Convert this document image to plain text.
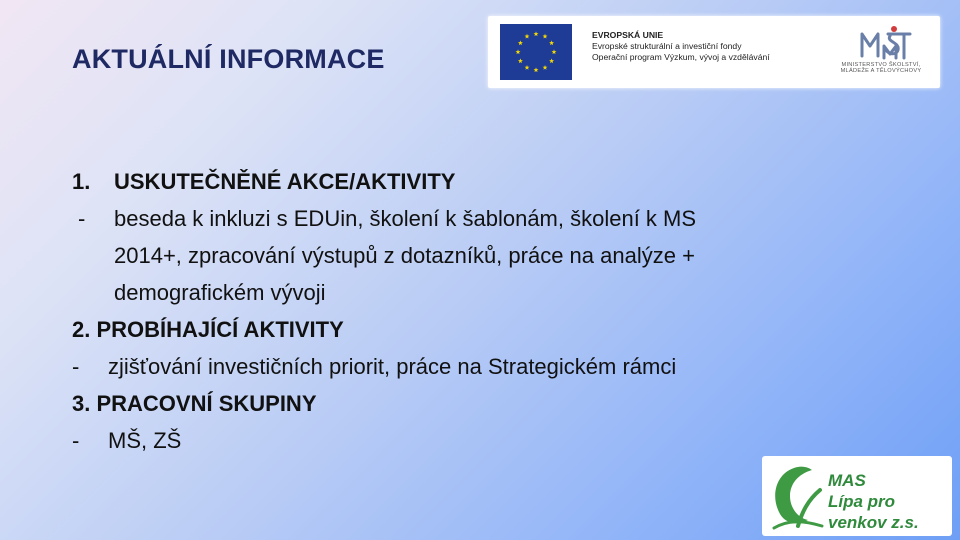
AKTUÁLNÍ INFORMACE
EVROPSKÁ UNIE
Evropské strukturální a investiční fondy
Operační program Výzkum, vývoj a vzdělávání
MINISTERSTVO ŠKOLSTVÍ,
MLÁDEŽE A TĚLOVÝCHOVY
1. USKUTEČNĚNÉ AKCE/AKTIVITY
- beseda k inkluzi s EDUin, školení k šablonám, školení k MS
2014+, zpracování výstupů z dotazníků, práce na analýze +
demografickém vývoji
2. PROBÍHAJÍCÍ AKTIVITY
- zjišťování investičních priorit, práce na Strategickém rámci
3. PRACOVNÍ SKUPINY
- MŠ, ZŠ
MAS
Lípa pro venkov z.s.
